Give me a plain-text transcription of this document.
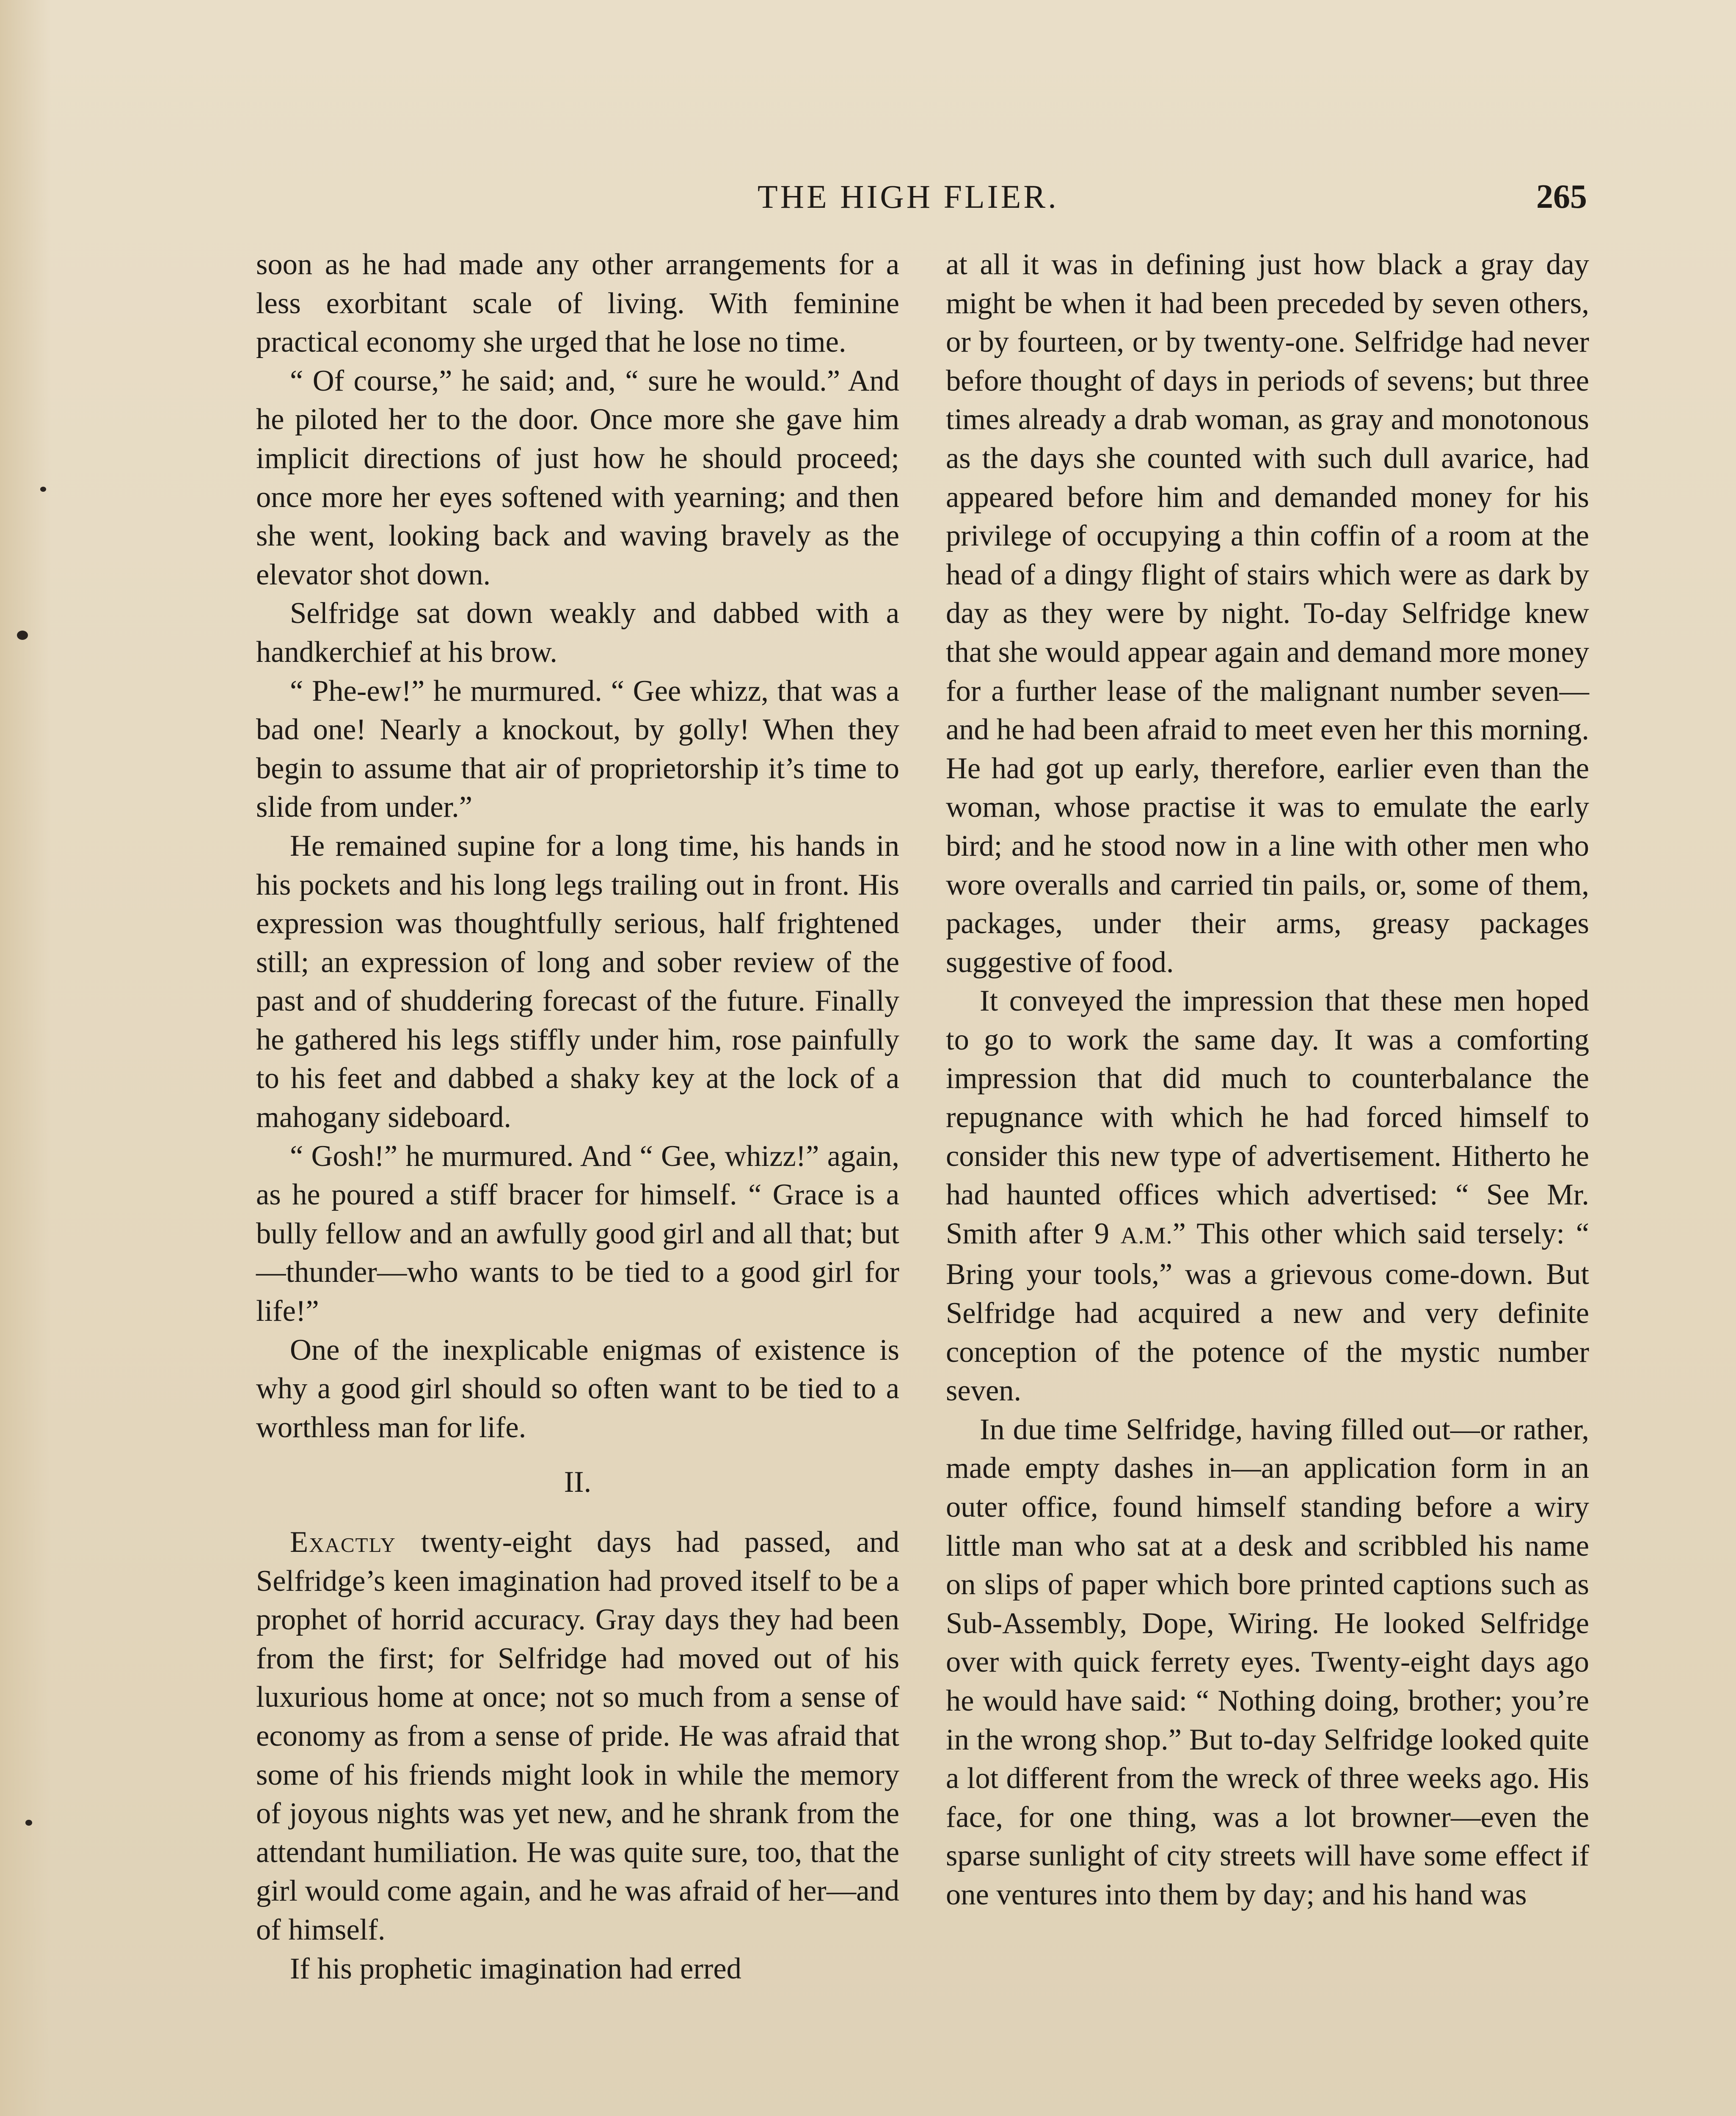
THE HIGH FLIER.	265

soon as he had made any other arrangements for a less exorbitant scale of living. With feminine practical economy she urged that he lose no time.

“ Of course,” he said; and, “ sure he would.” And he piloted her to the door. Once more she gave him implicit directions of just how he should proceed; once more her eyes softened with yearning; and then she went, looking back and waving bravely as the elevator shot down.

Selfridge sat down weakly and dabbed with a handkerchief at his brow.

“ Phe-ew!” he murmured. “ Gee whizz, that was a bad one! Nearly a knockout, by golly! When they begin to assume that air of proprietorship it’s time to slide from under.”

He remained supine for a long time, his hands in his pockets and his long legs trailing out in front. His expression was thoughtfully serious, half frightened still; an expression of long and sober review of the past and of shuddering forecast of the future. Finally he gathered his legs stiffly under him, rose painfully to his feet and dabbed a shaky key at the lock of a mahogany sideboard.

“ Gosh!” he murmured. And “ Gee, whizz!” again, as he poured a stiff bracer for himself. “ Grace is a bully fellow and an awfully good girl and all that; but—thunder—who wants to be tied to a good girl for life!”

One of the inexplicable enigmas of existence is why a good girl should so often want to be tied to a worthless man for life.

II.

Exactly twenty-eight days had passed, and Selfridge’s keen imagination had proved itself to be a prophet of horrid accuracy. Gray days they had been from the first; for Selfridge had moved out of his luxurious home at once; not so much from a sense of economy as from a sense of pride. He was afraid that some of his friends might look in while the memory of joyous nights was yet new, and he shrank from the attendant humiliation. He was quite sure, too, that the girl would come again, and he was afraid of her—and of himself.

If his prophetic imagination had erred

at all it was in defining just how black a gray day might be when it had been preceded by seven others, or by fourteen, or by twenty-one. Selfridge had never before thought of days in periods of sevens; but three times already a drab woman, as gray and monotonous as the days she counted with such dull avarice, had appeared before him and demanded money for his privilege of occupying a thin coffin of a room at the head of a dingy flight of stairs which were as dark by day as they were by night. To-day Selfridge knew that she would appear again and demand more money for a further lease of the malignant number seven—and he had been afraid to meet even her this morning. He had got up early, therefore, earlier even than the woman, whose practise it was to emulate the early bird; and he stood now in a line with other men who wore overalls and carried tin pails, or, some of them, packages, under their arms, greasy packages suggestive of food.

It conveyed the impression that these men hoped to go to work the same day. It was a comforting impression that did much to counterbalance the repugnance with which he had forced himself to consider this new type of advertisement. Hitherto he had haunted offices which advertised: “ See Mr. Smith after 9 A.M.” This other which said tersely: “ Bring your tools,” was a grievous come-down. But Selfridge had acquired a new and very definite conception of the potence of the mystic number seven.

In due time Selfridge, having filled out—or rather, made empty dashes in—an application form in an outer office, found himself standing before a wiry little man who sat at a desk and scribbled his name on slips of paper which bore printed captions such as Sub-Assembly, Dope, Wiring. He looked Selfridge over with quick ferrety eyes. Twenty-eight days ago he would have said: “ Nothing doing, brother; you’re in the wrong shop.” But to-day Selfridge looked quite a lot different from the wreck of three weeks ago. His face, for one thing, was a lot browner—even the sparse sunlight of city streets will have some effect if one ventures into them by day; and his hand was
